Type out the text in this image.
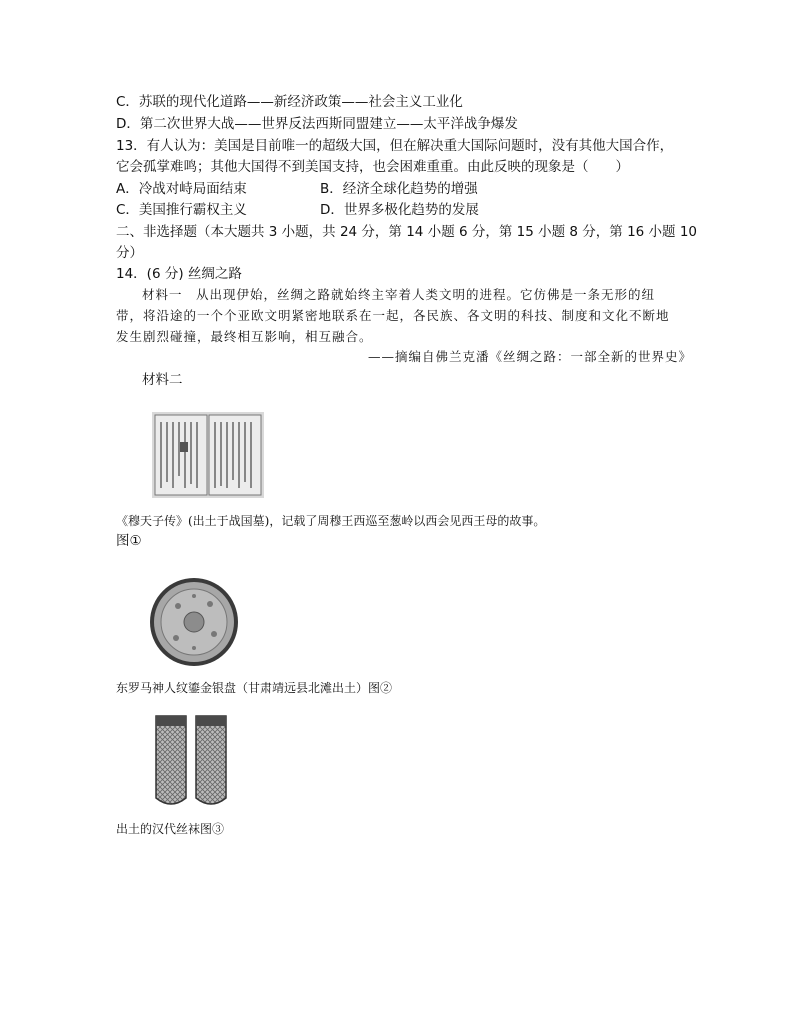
C．苏联的现代化道路——新经济政策——社会主义工业化
D．第二次世界大战——世界反法西斯同盟建立——太平洋战争爆发
13．有人认为：美国是目前唯一的超级大国，但在解决重大国际问题时，没有其他大国合作，
它会孤掌难鸣；其他大国得不到美国支持，也会困难重重。由此反映的现象是（　　）
A．冷战对峙局面结束	B．经济全球化趋势的增强
C．美国推行霸权主义	D．世界多极化趋势的发展
二、非选择题（本大题共 3 小题，共 24 分，第 14 小题 6 分，第 15 小题 8 分，第 16 小题 10
分）
14．(6 分) 丝绸之路
材料一　从出现伊始，丝绸之路就始终主宰着人类文明的进程。它仿佛是一条无形的纽
带，将沿途的一个个亚欧文明紧密地联系在一起，各民族、各文明的科技、制度和文化不断地
发生剧烈碰撞，最终相互影响，相互融合。
——摘编自佛兰克潘《丝绸之路：一部全新的世界史》
材料二
《穆天子传》(出土于战国墓)，记载了周穆王西巡至葱岭以西会见西王母的故事。
图①
东罗马神人纹鎏金银盘（甘肃靖远县北滩出土）图②
出土的汉代丝袜图③
